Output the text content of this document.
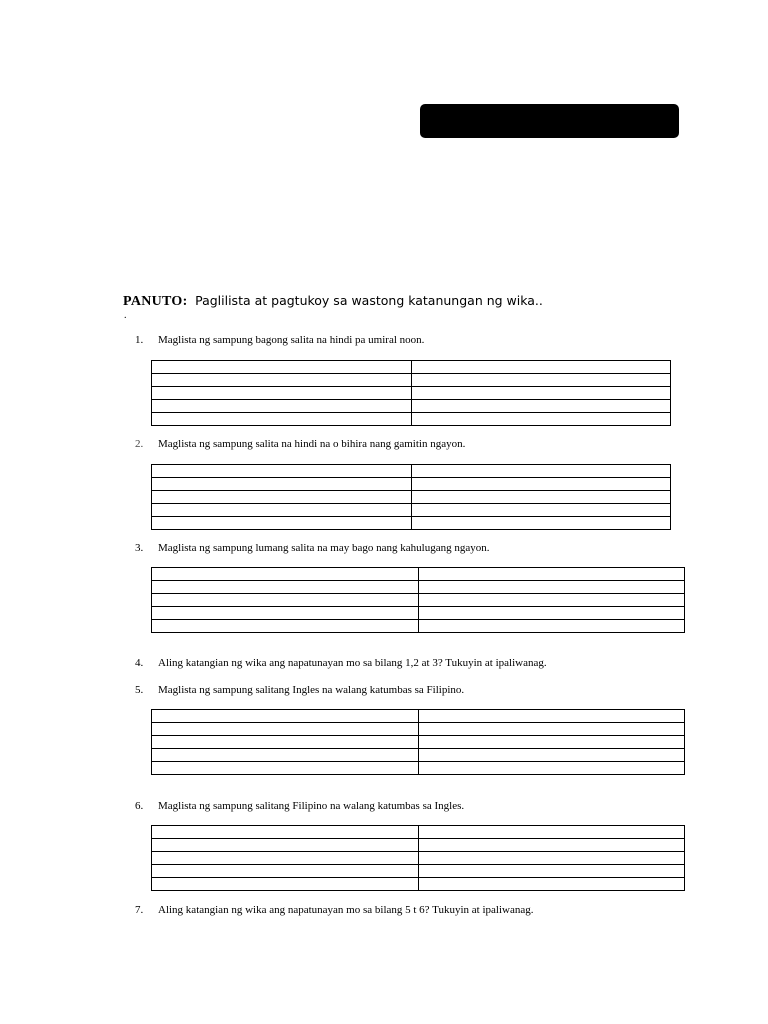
PANUTO: Paglilista at pagtukoy sa wastong katanungan ng wika..
.
1. Maglista ng sampung bagong salita na hindi pa umiral noon.

2. Maglista ng sampung salita na hindi na o bihira nang gamitin ngayon.

3. Maglista ng sampung lumang salita na may bago nang kahulugang ngayon.

4. Aling katangian ng wika ang napatunayan mo sa bilang 1,2 at 3? Tukuyin at ipaliwanag.
5. Maglista ng sampung salitang Ingles na walang katumbas sa Filipino.

6. Maglista ng sampung salitang Filipino na walang katumbas sa Ingles.

7. Aling katangian ng wika ang napatunayan mo sa bilang 5 t 6? Tukuyin at ipaliwanag.
